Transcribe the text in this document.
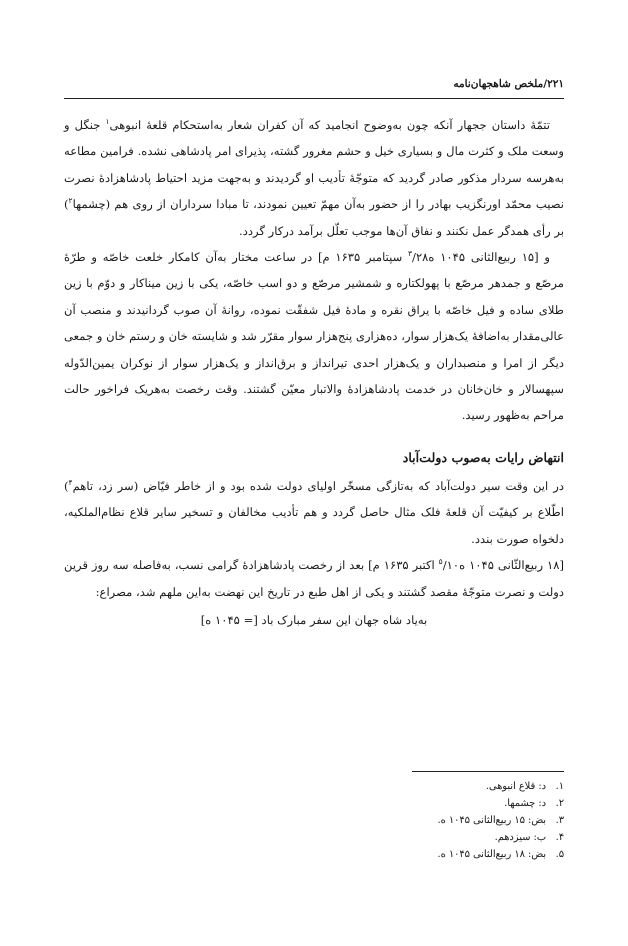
۲۲۱/ملخص شاهجهان‌نامه

تتمّهٔ داستان ججهار آنکه چون به‌وضوح انجامید که آن کفران شعار به‌استحکام قلعهٔ انبوهی$^۱$ جنگل و وسعت ملک و کثرت مال و بسیاری خیل و حشم مغرور گشته، پذیرای امر پادشاهی نشده. فرامین مطاعه به‌هرسه سردار مذکور صادر گردید که متوجّهٔ تأدیب او گردیدند و به‌جهت مزید احتیاط پادشاهزادهٔ نصرت نصیب محمّد اورنگزیب بهادر را از حضور به‌آن مهمّ تعیین نمودند، تا مبادا سرداران از روی هم (چشمها$^۲$) بر رأی همدگر عمل نکنند و نفاق آن‌ها موجب تعلّل برآمد درکار گردد.

و [۱۵ ربیع‌الثانی ۱۰۴۵ ه$^۳$/۲۸ سپتامبر ۱۶۳۵ م] در ساعت مختار به‌آن کامکار خلعت خاصّه و طرّهٔ مرصّع و جمدهر مرصّع با پهولکتاره و شمشیر مرصّع و دو اسب خاصّه، یکی با زین میناکار و دوّم با زین طلای ساده و فیل خاصّه با یراق نقره و مادهٔ فیل شفقّت نموده، روانهٔ آن صوب گردانیدند و منصب آن عالی‌مقدار به‌اضافهٔ یک‌هزار سوار، ده‌هزاری پنج‌هزار سوار مقرّر شد و شایسته خان و رستم خان و جمعی دیگر از امرا و منصبداران و یک‌هزار احدی تیرانداز و برق‌انداز و یک‌هزار سوار از نوکران یمین‌الدّوله سپهسالار و خان‌خانان در خدمت پادشاهزادهٔ والاتبار معیّن گشتند. وقت رخصت به‌هریک فراخور حالت مراحم به‌ظهور رسید.

انتهاض رایات به‌صوب دولت‌آباد

در این وقت سیر دولت‌آباد که به‌تازگی مسخّر اولیای دولت شده بود و از خاطر فیّاض (سر زد، تاهم$^۴$) اطّلاع بر کیفیّت آن قلعهٔ فلک مثال حاصل گردد و هم تأدیب مخالفان و تسخیر سایر قلاع نظام‌الملکیه، دلخواه صورت بندد.

[۱۸ ربیع‌الثّانی ۱۰۴۵ ه$^۵$/۱۰ اکتبر ۱۶۳۵ م] بعد از رخصت پادشاهزادهٔ گرامی نسب، به‌فاصله سه روز قرین دولت و نصرت متوجّهٔ مقصد گشتند و یکی از اهل طبع در تاریخ این نهضت به‌این ملهم شد، مصراع:

به‌یاد شاه جهان این سفر مبارک باد [= ۱۰۴۵ ه]

۱.د: قلاع انبوهی.
۲.د: چشمها.
۳.بض: ۱۵ ربیع‌الثانی ۱۰۴۵ ه.
۴.ب: سیزدهم.
۵.بض: ۱۸ ربیع‌الثانی ۱۰۴۵ ه.
